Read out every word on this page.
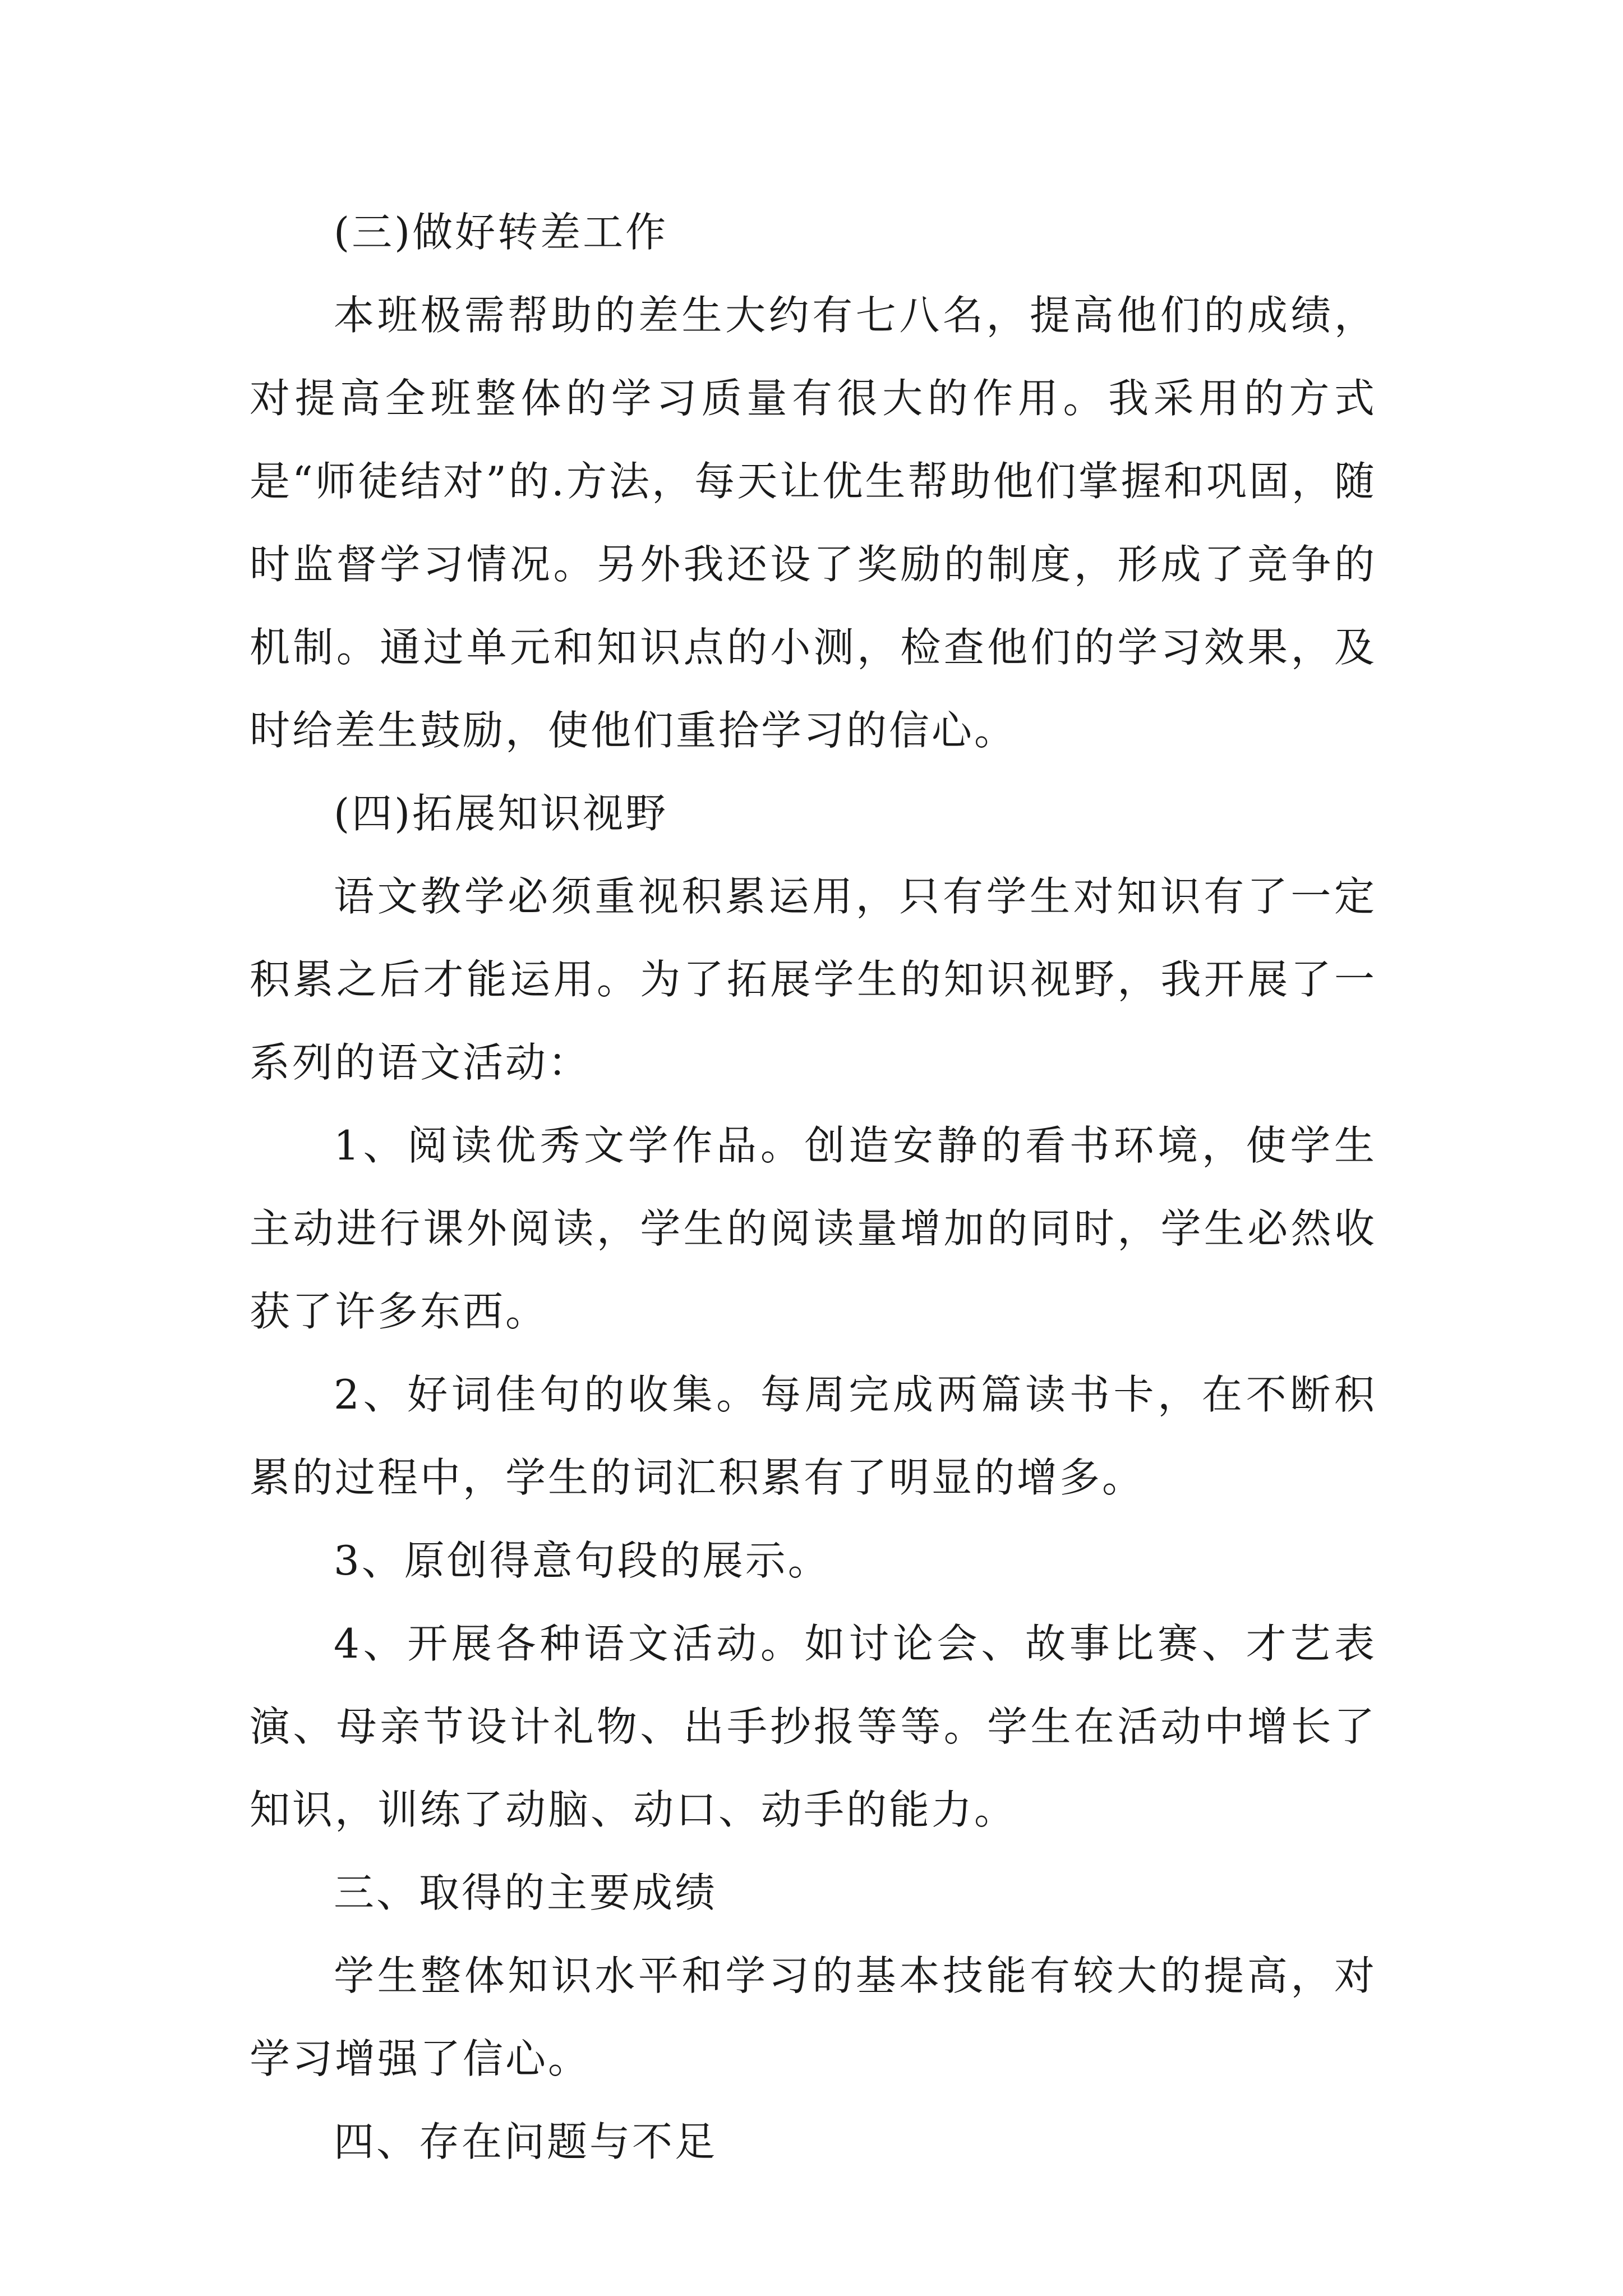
(三)做好转差工作

本班极需帮助的差生大约有七八名，提高他们的成绩，对提高全班整体的学习质量有很大的作用。我采用的方式是“师徒结对”的.方法，每天让优生帮助他们掌握和巩固，随时监督学习情况。另外我还设了奖励的制度，形成了竞争的机制。通过单元和知识点的小测，检查他们的学习效果，及时给差生鼓励，使他们重拾学习的信心。

(四)拓展知识视野

语文教学必须重视积累运用，只有学生对知识有了一定积累之后才能运用。为了拓展学生的知识视野，我开展了一系列的语文活动：

1、阅读优秀文学作品。创造安静的看书环境，使学生主动进行课外阅读，学生的阅读量增加的同时，学生必然收获了许多东西。

2、好词佳句的收集。每周完成两篇读书卡，在不断积累的过程中，学生的词汇积累有了明显的增多。

3、原创得意句段的展示。

4、开展各种语文活动。如讨论会、故事比赛、才艺表演、母亲节设计礼物、出手抄报等等。学生在活动中增长了知识，训练了动脑、动口、动手的能力。

三、取得的主要成绩

学生整体知识水平和学习的基本技能有较大的提高，对学习增强了信心。

四、存在问题与不足
